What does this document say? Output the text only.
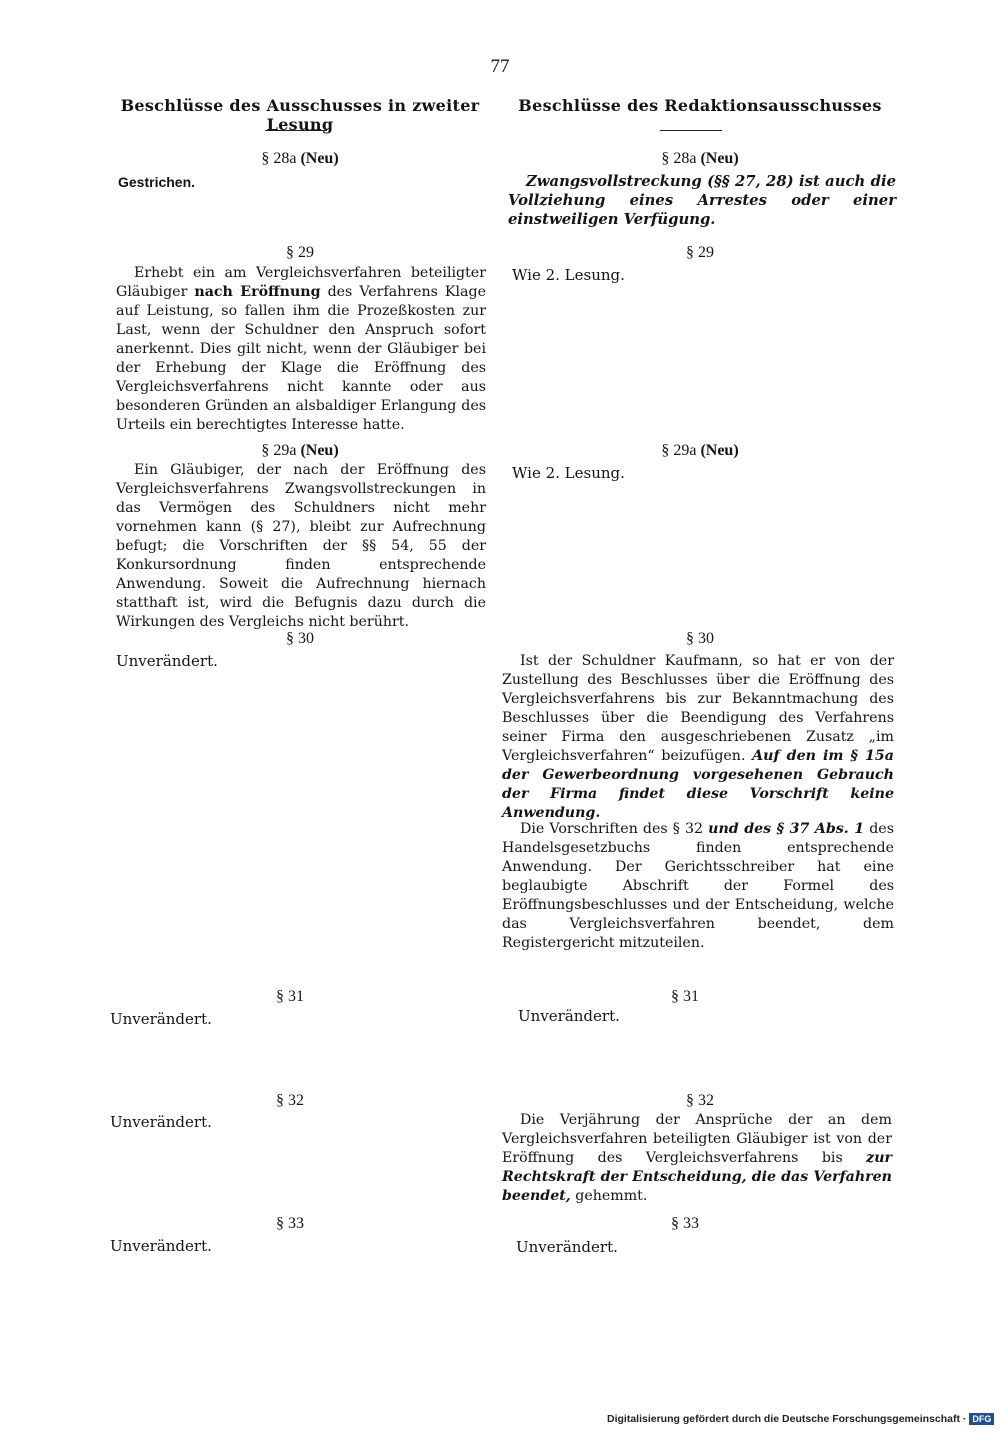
77
Beschlüsse des Ausschusses in zweiter Lesung
Beschlüsse des Redaktionsausschusses
§ 28a (Neu)
Gestrichen.
§ 29
Erhebt ein am Vergleichsverfahren beteiligter Gläubiger nach Eröffnung des Verfahrens Klage auf Leistung, so fallen ihm die Prozeßkosten zur Last, wenn der Schuldner den Anspruch sofort anerkennt. Dies gilt nicht, wenn der Gläubiger bei der Erhebung der Klage die Eröffnung des Vergleichsverfahrens nicht kannte oder aus besonderen Gründen an alsbaldiger Erlangung des Urteils ein berechtigtes Interesse hatte.
§ 29a (Neu)
Ein Gläubiger, der nach der Eröffnung des Vergleichsverfahrens Zwangsvollstreckungen in das Vermögen des Schuldners nicht mehr vornehmen kann (§ 27), bleibt zur Aufrechnung befugt; die Vorschriften der §§ 54, 55 der Konkursordnung finden entsprechende Anwendung. Soweit die Aufrechnung hiernach statthaft ist, wird die Befugnis dazu durch die Wirkungen des Vergleichs nicht berührt.
§ 30
Unverändert.
§ 31
Unverändert.
§ 32
Unverändert.
§ 33
Unverändert.
§ 28a (Neu)
Zwangsvollstreckung (§§ 27, 28) ist auch die Vollziehung eines Arrestes oder einer einstweiligen Verfügung.
§ 29
Wie 2. Lesung.
§ 29a (Neu)
Wie 2. Lesung.
§ 30
Ist der Schuldner Kaufmann, so hat er von der Zustellung des Beschlusses über die Eröffnung des Vergleichsverfahrens bis zur Bekanntmachung des Beschlusses über die Beendigung des Verfahrens seiner Firma den ausgeschriebenen Zusatz „im Vergleichsverfahren“ beizufügen. Auf den im § 15a der Gewerbeordnung vorgesehenen Gebrauch der Firma findet diese Vorschrift keine Anwendung.
Die Vorschriften des § 32 und des § 37 Abs. 1 des Handelsgesetzbuchs finden entsprechende Anwendung. Der Gerichtsschreiber hat eine beglaubigte Abschrift der Formel des Eröffnungsbeschlusses und der Entscheidung, welche das Vergleichsverfahren beendet, dem Registergericht mitzuteilen.
§ 31
Unverändert.
§ 32
Die Verjährung der Ansprüche der an dem Vergleichsverfahren beteiligten Gläubiger ist von der Eröffnung des Vergleichsverfahrens bis zur Rechtskraft der Entscheidung, die das Verfahren beendet, gehemmt.
§ 33
Unverändert.
Digitalisierung gefördert durch die Deutsche Forschungsgemeinschaft · DFG
